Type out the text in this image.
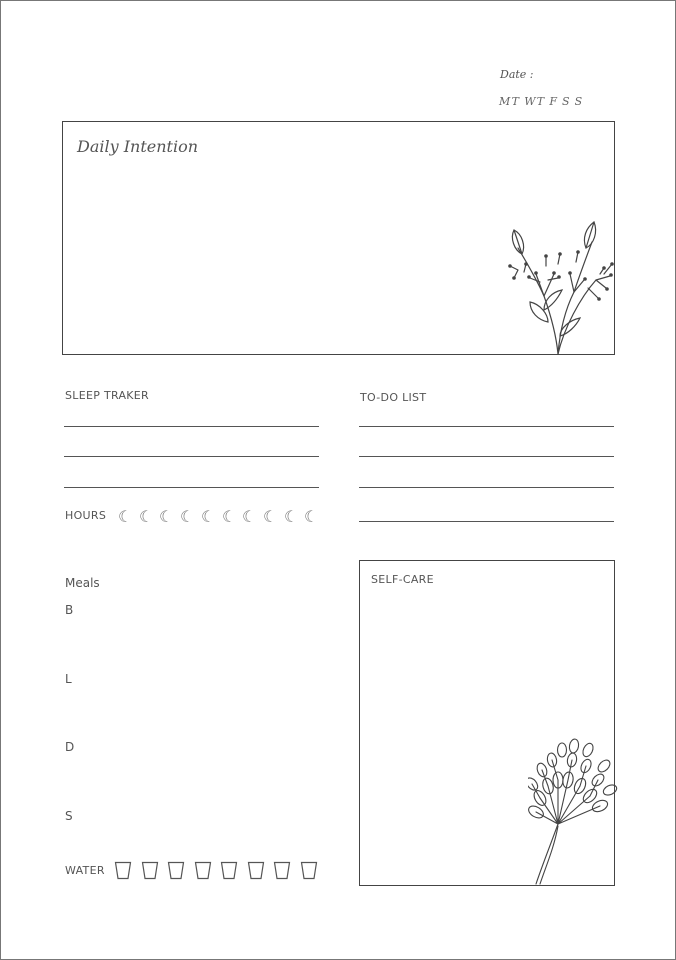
Date :
MT WT F S S
Daily Intention
SLEEP TRAKER
HOURS ☾ ☾ ☾ ☾ ☾ ☾ ☾ ☾ ☾ ☾
TO-DO LIST
Meals
B
L
D
S
WATER
SELF-CARE
